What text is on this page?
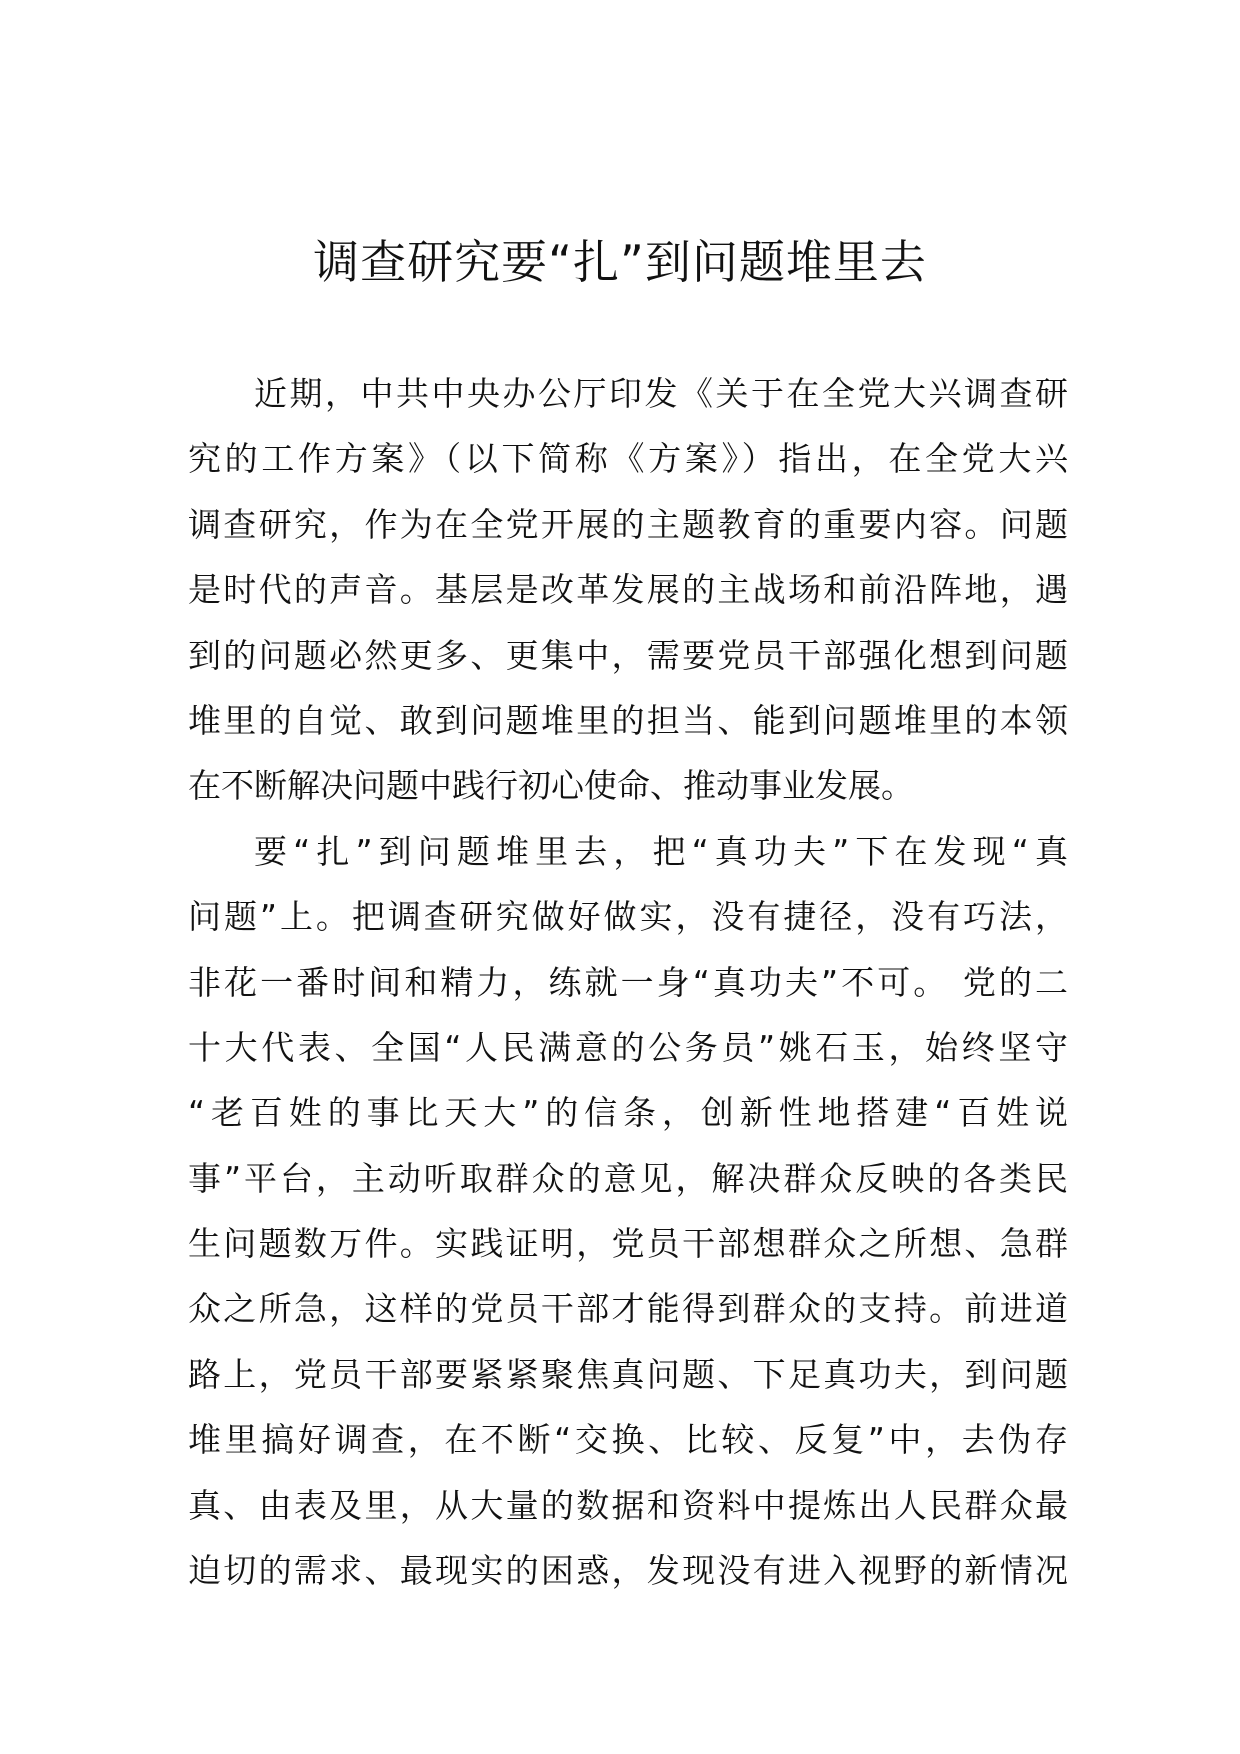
调查研究要“扎”到问题堆里去
近期，中共中央办公厅印发《关于在全党大兴调查研
究的工作方案》（以下简称《方案》）指出，在全党大兴
调查研究，作为在全党开展的主题教育的重要内容。问题
是时代的声音。基层是改革发展的主战场和前沿阵地，遇
到的问题必然更多、更集中，需要党员干部强化想到问题
堆里的自觉、敢到问题堆里的担当、能到问题堆里的本领
在不断解决问题中践行初心使命、推动事业发展。
要“扎”到问题堆里去，把“真功夫”下在发现“真
问题”上。把调查研究做好做实，没有捷径，没有巧法，
非花一番时间和精力，练就一身“真功夫”不可。 党的二
十大代表、全国“人民满意的公务员”姚石玉，始终坚守
“老百姓的事比天大”的信条，创新性地搭建“百姓说
事”平台，主动听取群众的意见，解决群众反映的各类民
生问题数万件。实践证明，党员干部想群众之所想、急群
众之所急，这样的党员干部才能得到群众的支持。前进道
路上，党员干部要紧紧聚焦真问题、下足真功夫，到问题
堆里搞好调查，在不断“交换、比较、反复”中，去伪存
真、由表及里，从大量的数据和资料中提炼出人民群众最
迫切的需求、最现实的困惑，发现没有进入视野的新情况
